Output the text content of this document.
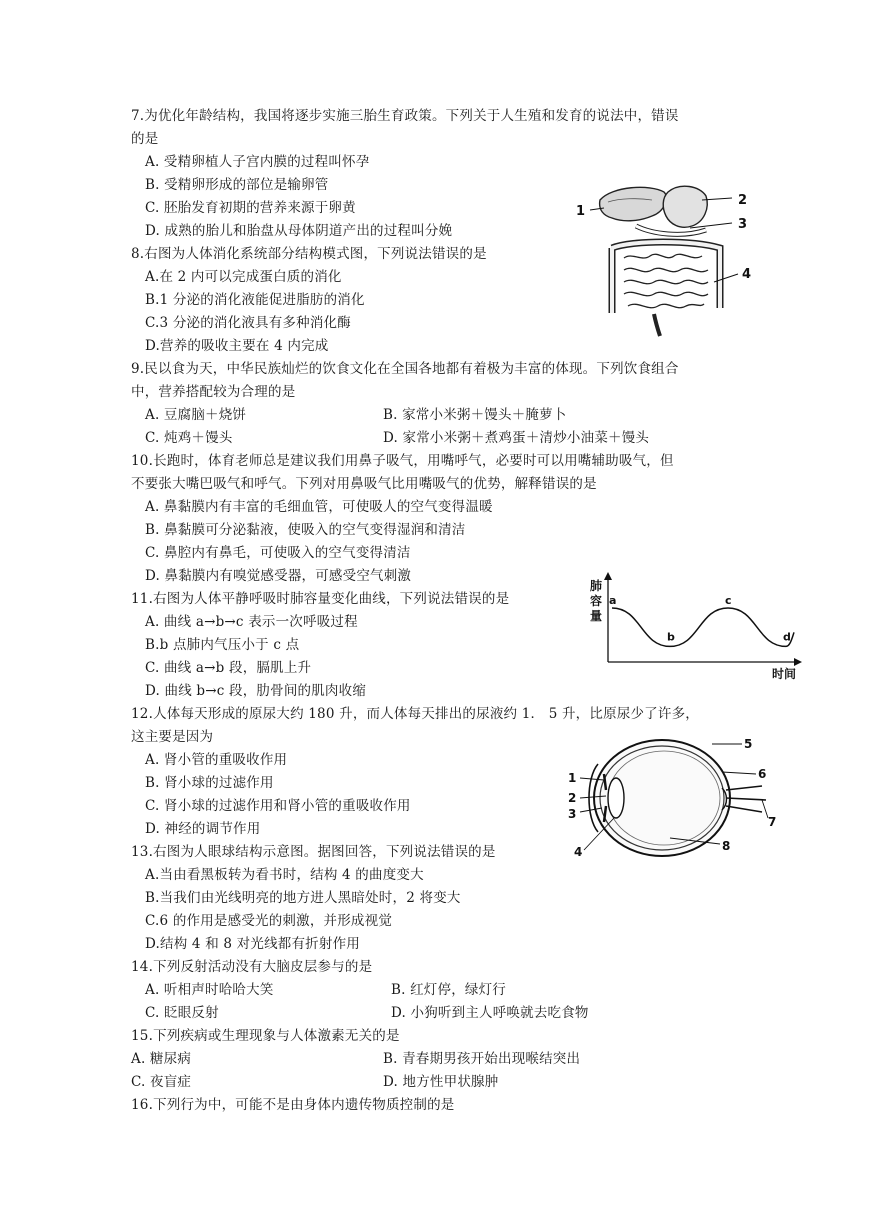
7.为优化年龄结构，我国将逐步实施三胎生育政策。下列关于人生殖和发育的说法中，错误
的是
A. 受精卵植人子宫内膜的过程叫怀孕
B. 受精卵形成的部位是输卵管
C. 胚胎发育初期的营养来源于卵黄
D. 成熟的胎儿和胎盘从母体阴道产出的过程叫分娩
8.右图为人体消化系统部分结构模式图，下列说法错误的是
A.在 2 内可以完成蛋白质的消化
B.1 分泌的消化液能促进脂肪的消化
C.3 分泌的消化液具有多种消化酶
D.营养的吸收主要在 4 内完成
9.民以食为天，中华民族灿烂的饮食文化在全国各地都有着极为丰富的体现。下列饮食组合
中，营养搭配较为合理的是
A. 豆腐脑＋烧饼	B. 家常小米粥＋馒头＋腌萝卜
C. 炖鸡＋馒头	D. 家常小米粥＋煮鸡蛋＋清炒小油菜＋馒头
10.长跑时，体育老师总是建议我们用鼻子吸气，用嘴呼气，必要时可以用嘴辅助吸气，但
不要张大嘴巴吸气和呼气。下列对用鼻吸气比用嘴吸气的优势，解释错误的是
A. 鼻黏膜内有丰富的毛细血管，可使吸人的空气变得温暖
B. 鼻黏膜可分泌黏液，使吸入的空气变得湿润和清洁
C. 鼻腔内有鼻毛，可使吸入的空气变得清洁
D. 鼻黏膜内有嗅觉感受器，可感受空气刺激
11.右图为人体平静呼吸时肺容量变化曲线，下列说法错误的是
A. 曲线 a→b→c 表示一次呼吸过程
B.b 点肺内气压小于 c 点
C. 曲线 a→b 段，膈肌上升
D. 曲线 b→c 段，肋骨间的肌肉收缩
12.人体每天形成的原尿大约 180 升，而人体每天排出的尿液约 1． 5 升，比原尿少了许多，
这主要是因为
A. 肾小管的重吸收作用
B. 肾小球的过滤作用
C. 肾小球的过滤作用和肾小管的重吸收作用
D. 神经的调节作用
13.右图为人眼球结构示意图。据图回答，下列说法错误的是
A.当由看黑板转为看书时，结构 4 的曲度变大
B.当我们由光线明亮的地方进人黑暗处时，2 将变大
C.6 的作用是感受光的刺激，并形成视觉
D.结构 4 和 8 对光线都有折射作用
14.下列反射活动没有大脑皮层参与的是
A. 听相声时哈哈大笑	B. 红灯停，绿灯行
C. 眨眼反射	D. 小狗听到主人呼唤就去吃食物
15.下列疾病或生理现象与人体激素无关的是
A. 糖尿病	B. 青春期男孩开始出现喉结突出
C. 夜盲症	D. 地方性甲状腺肿
16.下列行为中，可能不是由身体内遗传物质控制的是
1
2
3
4
肺
容
量
a
b
c
d
时间
1
2
3
4
5
6
7
8
